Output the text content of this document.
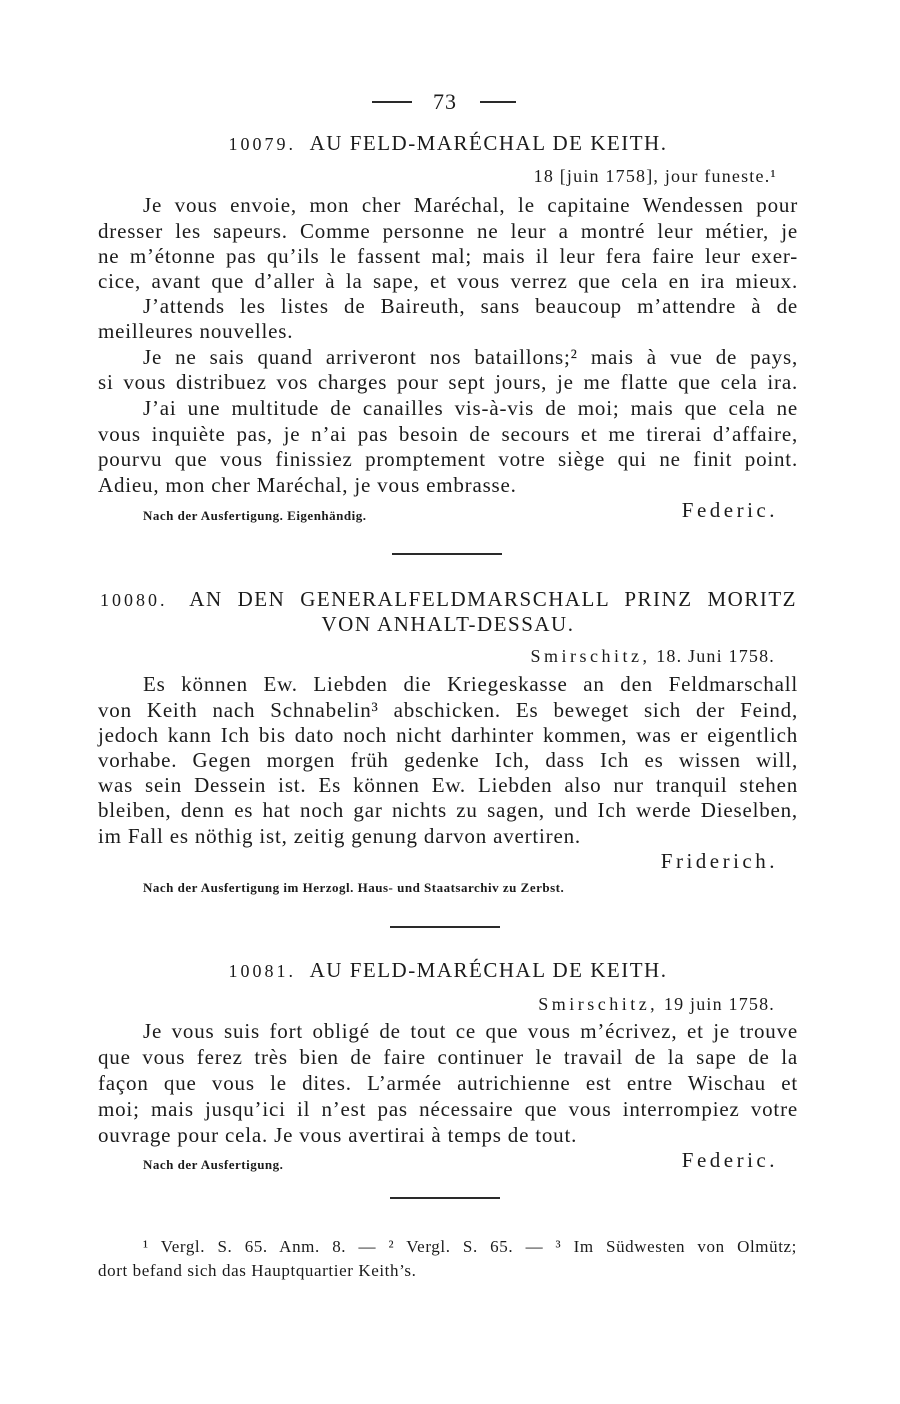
73
10079. AU FELD-MARÉCHAL DE KEITH.
18 [juin 1758], jour funeste.¹
Je vous envoie, mon cher Maréchal, le capitaine Wendessen pour
dresser les sapeurs. Comme personne ne leur a montré leur métier, je
ne m’étonne pas qu’ils le fassent mal; mais il leur fera faire leur exer-
cice, avant que d’aller à la sape, et vous verrez que cela en ira mieux.
J’attends les listes de Baireuth, sans beaucoup m’attendre à de
meilleures nouvelles.
Je ne sais quand arriveront nos bataillons;² mais à vue de pays,
si vous distribuez vos charges pour sept jours, je me flatte que cela ira.
J’ai une multitude de canailles vis-à-vis de moi; mais que cela ne
vous inquiète pas, je n’ai pas besoin de secours et me tirerai d’affaire,
pourvu que vous finissiez promptement votre siège qui ne finit point.
Adieu, mon cher Maréchal, je vous embrasse.
Nach der Ausfertigung. Eigenhändig.	Federic.
10080. AN DEN GENERALFELDMARSCHALL PRINZ MORITZ
VON ANHALT-DESSAU.
Smirschitz, 18. Juni 1758.
Es können Ew. Liebden die Kriegeskasse an den Feldmarschall
von Keith nach Schnabelin³ abschicken. Es beweget sich der Feind,
jedoch kann Ich bis dato noch nicht darhinter kommen, was er eigentlich
vorhabe. Gegen morgen früh gedenke Ich, dass Ich es wissen will,
was sein Dessein ist. Es können Ew. Liebden also nur tranquil stehen
bleiben, denn es hat noch gar nichts zu sagen, und Ich werde Dieselben,
im Fall es nöthig ist, zeitig genung darvon avertiren.
Friderich.
Nach der Ausfertigung im Herzogl. Haus- und Staatsarchiv zu Zerbst.
10081. AU FELD-MARÉCHAL DE KEITH.
Smirschitz, 19 juin 1758.
Je vous suis fort obligé de tout ce que vous m’écrivez, et je trouve
que vous ferez très bien de faire continuer le travail de la sape de la
façon que vous le dites. L’armée autrichienne est entre Wischau et
moi; mais jusqu’ici il n’est pas nécessaire que vous interrompiez votre
ouvrage pour cela. Je vous avertirai à temps de tout.
Nach der Ausfertigung.	Federic.
¹ Vergl. S. 65. Anm. 8. — ² Vergl. S. 65. — ³ Im Südwesten von Olmütz;
dort befand sich das Hauptquartier Keith’s.
